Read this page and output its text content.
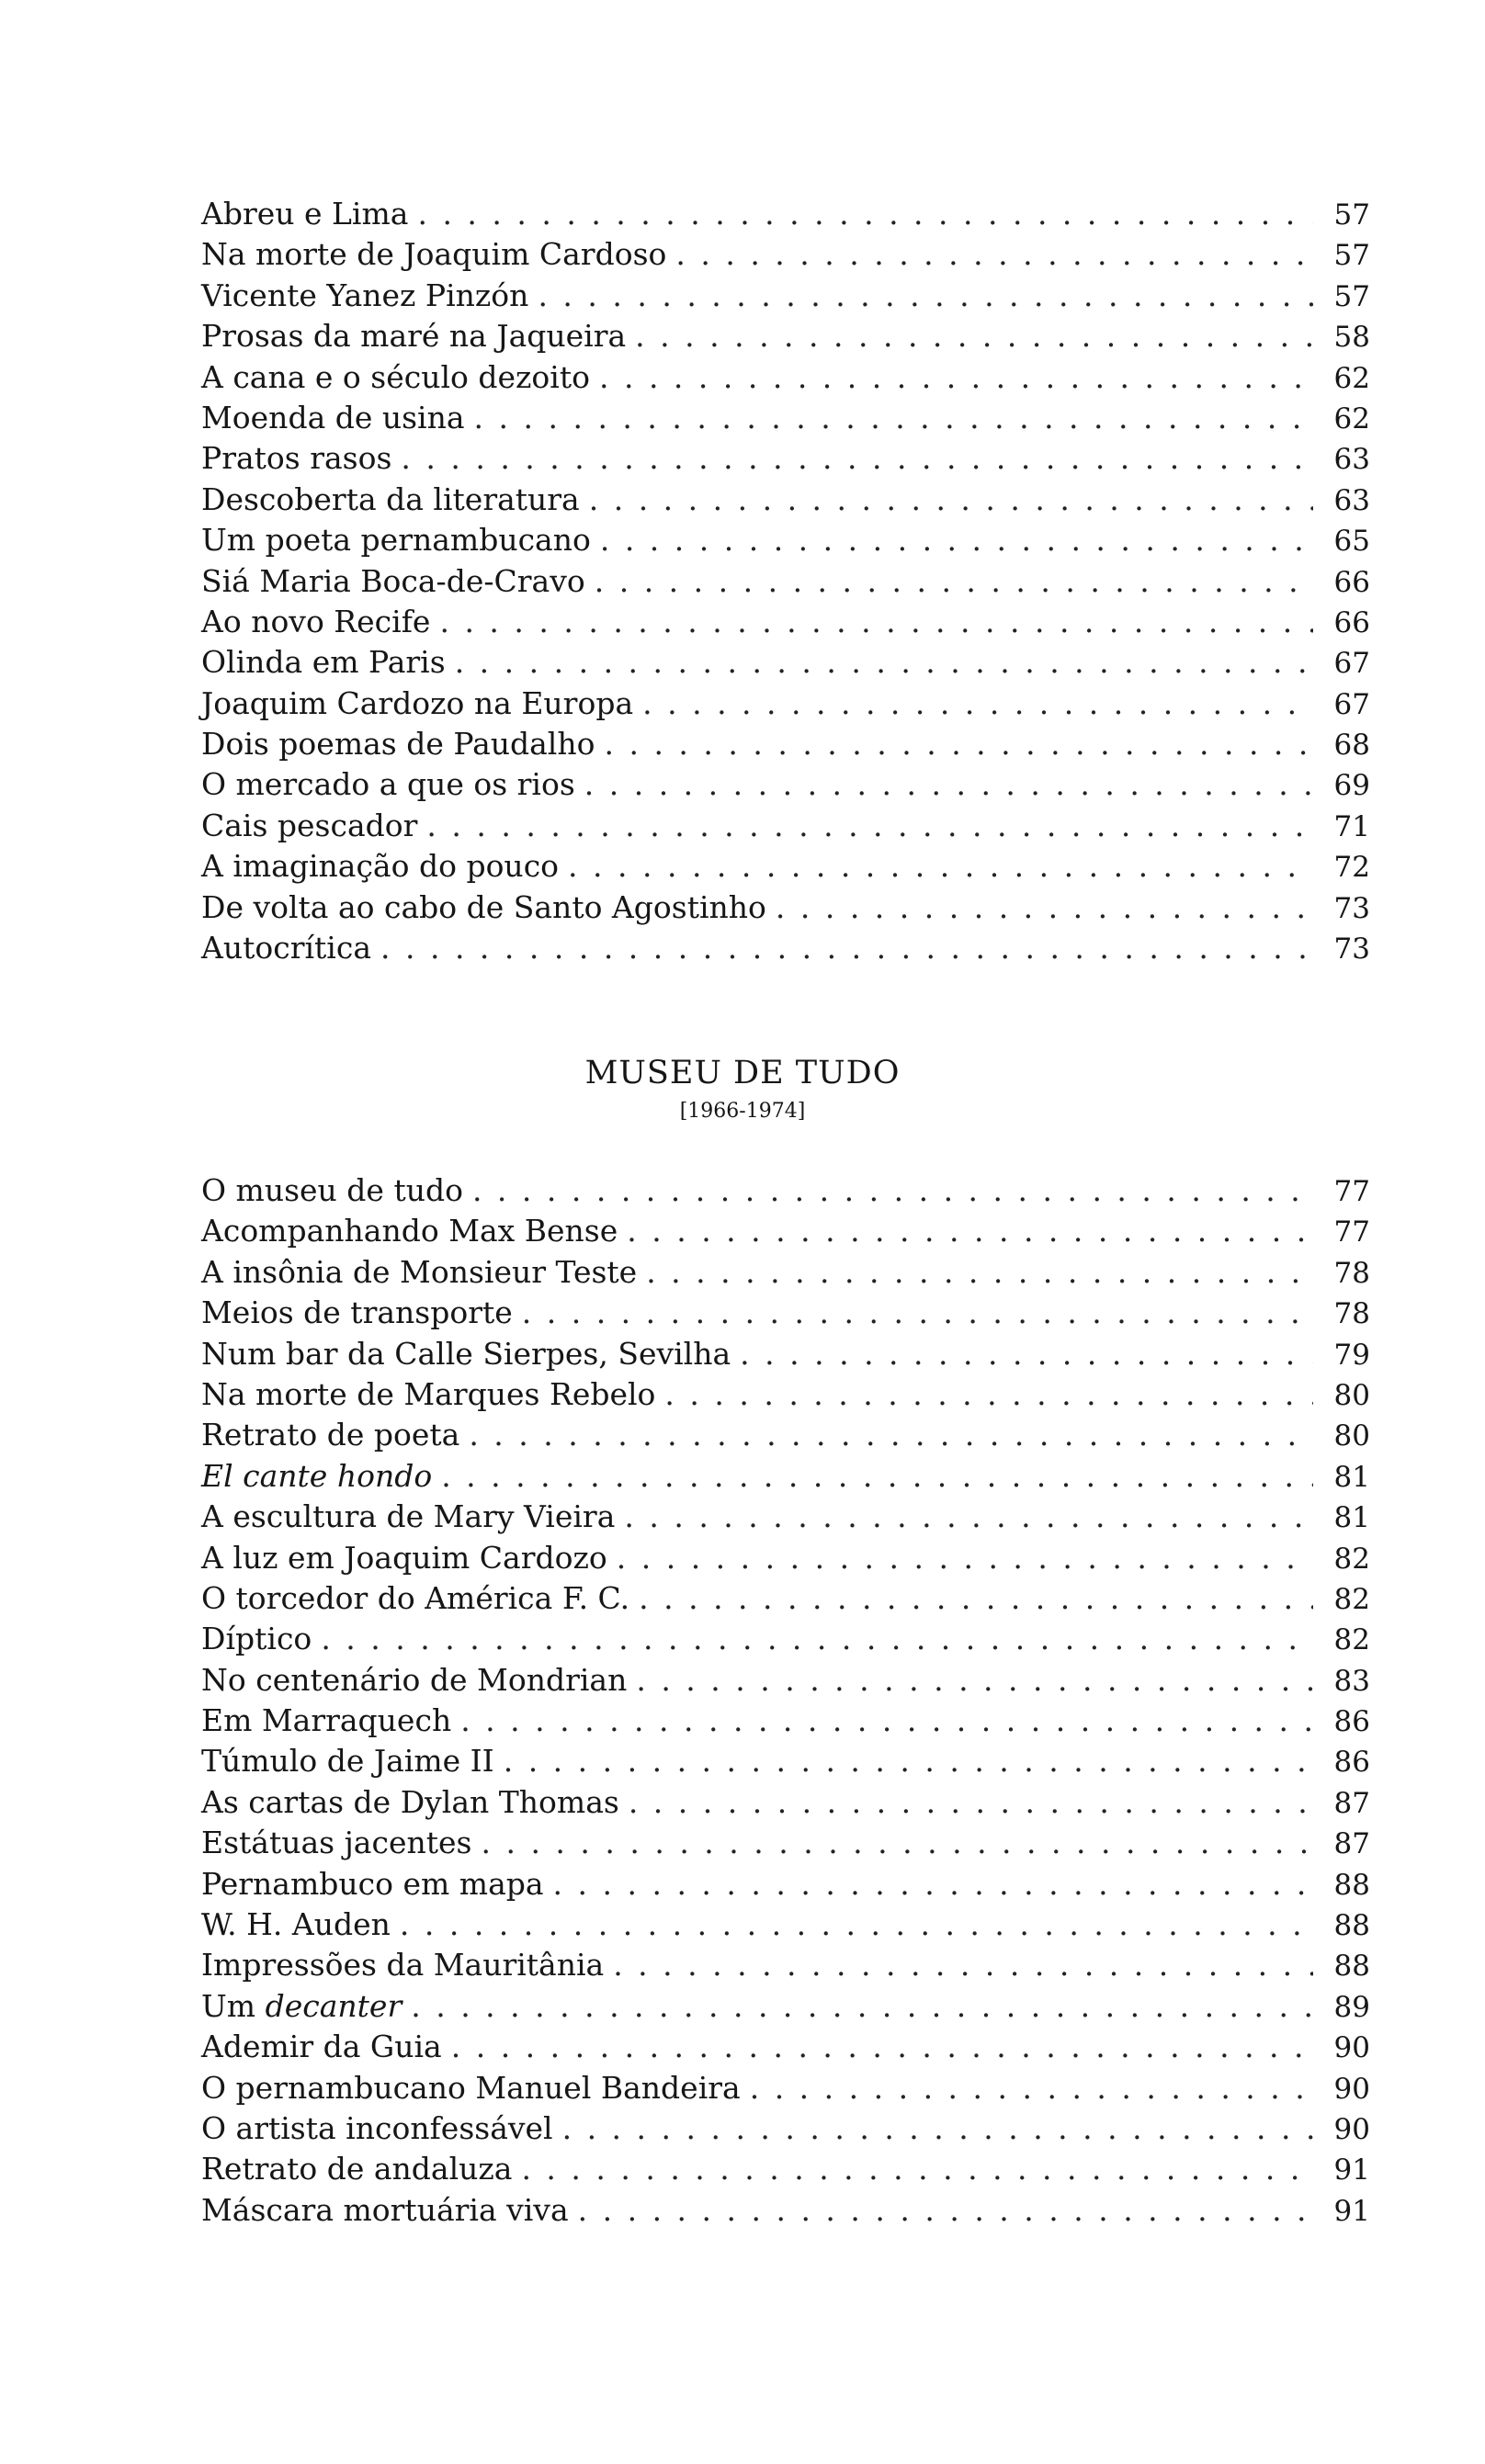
Abreu e Lima . . .	57
Na morte de Joaquim Cardoso . . .	57
Vicente Yanez Pinzón . . .	57
Prosas da maré na Jaqueira . . .	58
A cana e o século dezoito . . .	62
Moenda de usina . . .	62
Pratos rasos . . .	63
Descoberta da literatura . . .	63
Um poeta pernambucano . . .	65
Siá Maria Boca-de-Cravo . . .	66
Ao novo Recife . . .	66
Olinda em Paris . . .	67
Joaquim Cardozo na Europa . . .	67
Dois poemas de Paudalho . . .	68
O mercado a que os rios . . .	69
Cais pescador . . .	71
A imaginação do pouco . . .	72
De volta ao cabo de Santo Agostinho . . .	73
Autocrítica . . .	73
MUSEU DE TUDO
[1966-1974]
O museu de tudo . . .	77
Acompanhando Max Bense . . .	77
A insônia de Monsieur Teste . . .	78
Meios de transporte . . .	78
Num bar da Calle Sierpes, Sevilha . . .	79
Na morte de Marques Rebelo . . .	80
Retrato de poeta . . .	80
El cante hondo . . .	81
A escultura de Mary Vieira . . .	81
A luz em Joaquim Cardozo . . .	82
O torcedor do América F. C. . . .	82
Díptico . . .	82
No centenário de Mondrian . . .	83
Em Marraquech . . .	86
Túmulo de Jaime II . . .	86
As cartas de Dylan Thomas . . .	87
Estátuas jacentes . . .	87
Pernambuco em mapa . . .	88
W. H. Auden . . .	88
Impressões da Mauritânia . . .	88
Um decanter . . .	89
Ademir da Guia . . .	90
O pernambucano Manuel Bandeira . . .	90
O artista inconfessável . . .	90
Retrato de andaluza . . .	91
Máscara mortuária viva . . .	91
